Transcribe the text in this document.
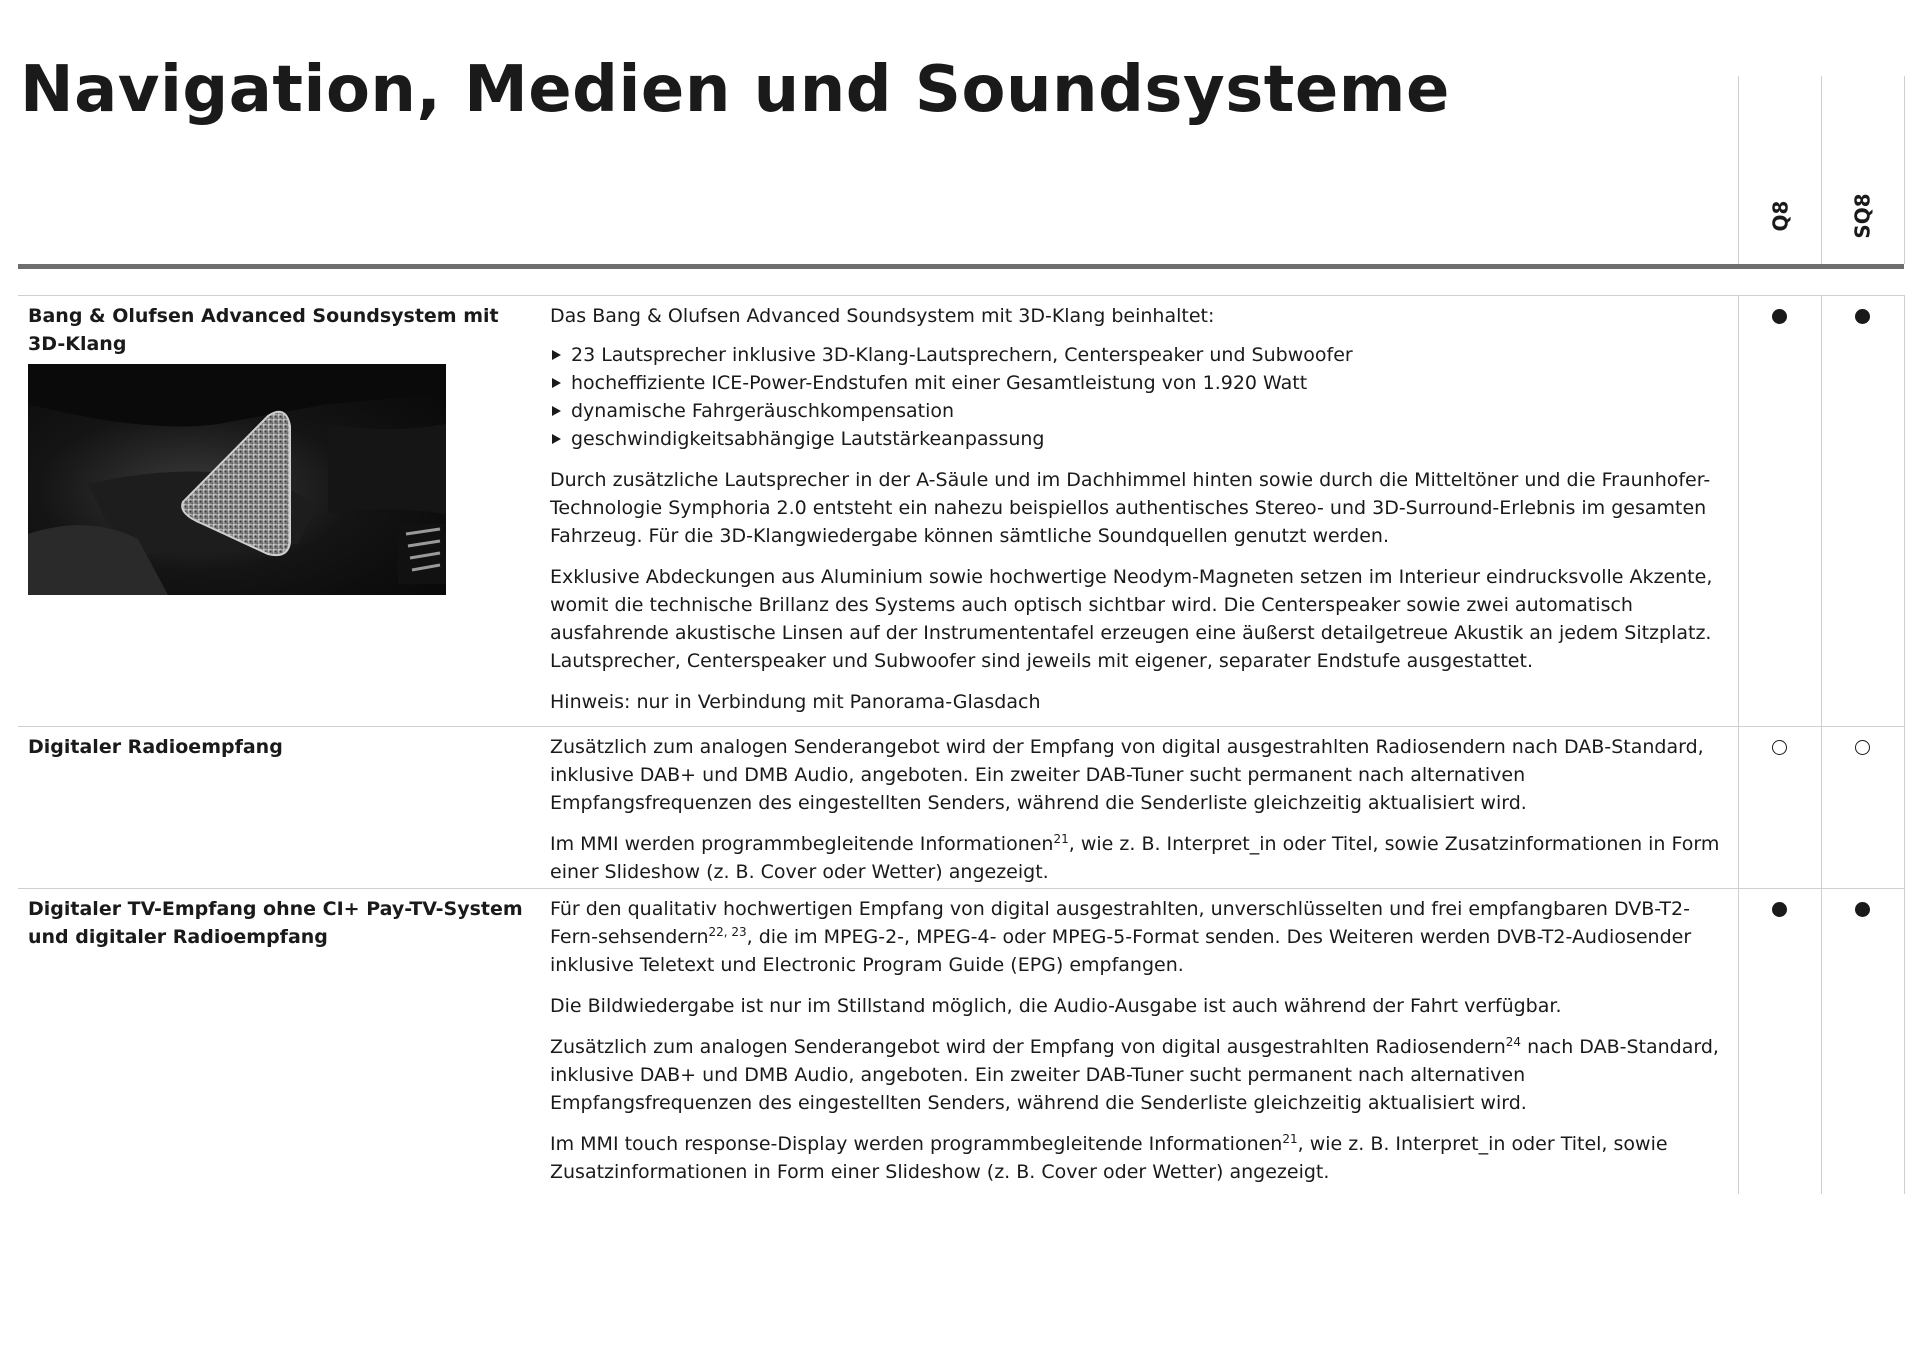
Navigation, Medien und Soundsysteme
Q8	SQ8
Bang & Olufsen Advanced Soundsystem mit 3D-Klang

Das Bang & Olufsen Advanced Soundsystem mit 3D-Klang beinhaltet:

23 Lautsprecher inklusive 3D-Klang-Lautsprechern, Centerspeaker und Subwoofer
hocheffiziente ICE-Power-Endstufen mit einer Gesamtleistung von 1.920 Watt
dynamische Fahrgeräuschkompensation
geschwindigkeitsabhängige Lautstärkeanpassung

Durch zusätzliche Lautsprecher in der A-Säule und im Dachhimmel hinten sowie durch die Mitteltöner und die Fraunhofer-Technologie Symphoria 2.0 entsteht ein nahezu beispiellos authentisches Stereo- und 3D-Surround-Erlebnis im gesamten Fahrzeug. Für die 3D-Klangwiedergabe können sämtliche Soundquellen genutzt werden.

Exklusive Abdeckungen aus Aluminium sowie hochwertige Neodym-Magneten setzen im Interieur eindrucksvolle Akzente, womit die technische Brillanz des Systems auch optisch sichtbar wird. Die Centerspeaker sowie zwei automatisch ausfahrende akustische Linsen auf der Instrumententafel erzeugen eine äußerst detailgetreue Akustik an jedem Sitzplatz. Lautsprecher, Centerspeaker und Subwoofer sind jeweils mit eigener, separater Endstufe ausgestattet.

Hinweis: nur in Verbindung mit Panorama-Glasdach

Digitaler Radioempfang	Zusätzlich zum analogen Senderangebot wird der Empfang von digital ausgestrahlten Radiosendern nach DAB-Standard, inklusive DAB+ und DMB Audio, angeboten. Ein zweiter DAB-Tuner sucht permanent nach alternativen Empfangsfrequenzen des eingestellten Senders, während die Senderliste gleichzeitig aktualisiert wird.

Im MMI werden programmbegleitende Informationen$^{21}$, wie z. B. Interpret_in oder Titel, sowie Zusatzinformationen in Form einer Slideshow (z. B. Cover oder Wetter) angezeigt.

Digitaler TV-Empfang ohne CI+ Pay-TV-System und digitaler Radioempfang

Für den qualitativ hochwertigen Empfang von digital ausgestrahlten, unverschlüsselten und frei empfangbaren DVB-T2-Fern-sehsendern$^{22, 23}$, die im MPEG-2-, MPEG-4- oder MPEG-5-Format senden. Des Weiteren werden DVB-T2-Audiosender inklusive Teletext und Electronic Program Guide (EPG) empfangen.

Die Bildwiedergabe ist nur im Stillstand möglich, die Audio-Ausgabe ist auch während der Fahrt verfügbar.

Zusätzlich zum analogen Senderangebot wird der Empfang von digital ausgestrahlten Radiosendern$^{24}$ nach DAB-Standard, inklusive DAB+ und DMB Audio, angeboten. Ein zweiter DAB-Tuner sucht permanent nach alternativen Empfangsfrequenzen des eingestellten Senders, während die Senderliste gleichzeitig aktualisiert wird.

Im MMI touch response-Display werden programmbegleitende Informationen$^{21}$, wie z. B. Interpret_in oder Titel, sowie Zusatzinformationen in Form einer Slideshow (z. B. Cover oder Wetter) angezeigt.
